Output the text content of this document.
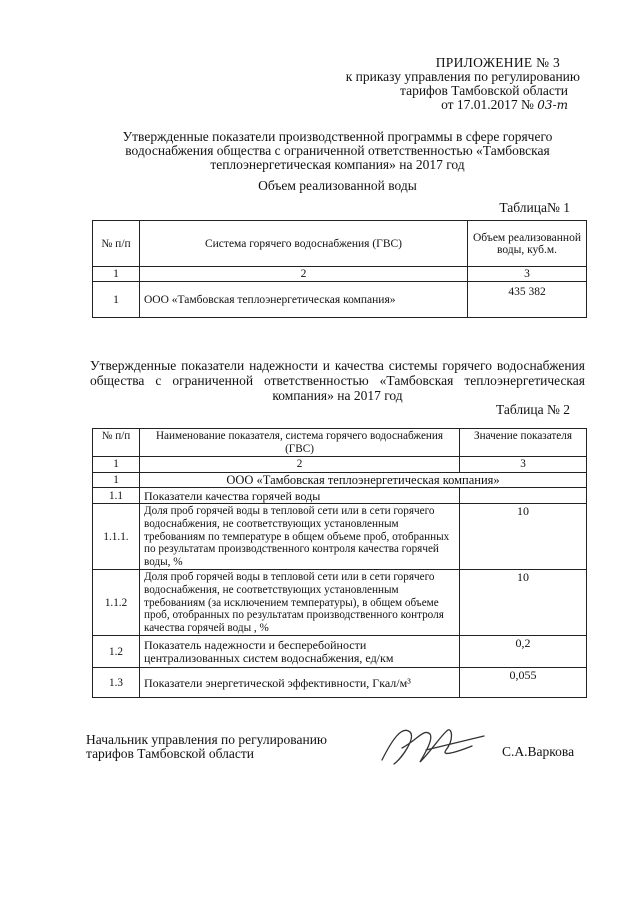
ПРИЛОЖЕНИЕ № 3
к приказу управления по регулированию
тарифов Тамбовской области
от 17.01.2017 № 03-т
Утвержденные показатели производственной программы в сфере горячего водоснабжения общества с ограниченной ответственностью «Тамбовская теплоэнергетическая компания» на 2017 год
Объем реализованной воды
Таблица№ 1
№ п/п	Система горячего водоснабжения (ГВС)	Объем реализованной воды, куб.м.
1	2	3
1	ООО «Тамбовская теплоэнергетическая компания»	435 382
Утвержденные показатели надежности и качества системы горячего водоснабжения общества с ограниченной ответственностью «Тамбовская теплоэнергетическая компания» на 2017 год
Таблица № 2
№ п/п	Наименование показателя, система горячего водоснабжения (ГВС)	Значение показателя
1	2	3
1	ООО «Тамбовская теплоэнергетическая компания»	
1.1	Показатели качества горячей воды	
1.1.1.	Доля проб горячей воды в тепловой сети или в сети горячего водоснабжения, не соответствующих установленным требованиям по температуре в общем объеме проб, отобранных по результатам производственного контроля качества горячей воды, %	10
1.1.2	Доля проб горячей воды в тепловой сети или в сети горячего водоснабжения, не соответствующих установленным требованиям (за исключением температуры), в общем объеме проб, отобранных по результатам производственного контроля качества горячей воды , %	10
1.2	Показатель надежности и бесперебойности централизованных систем водоснабжения, ед/км	0,2
1.3	Показатели энергетической эффективности, Гкал/м³	0,055
Начальник управления по регулированию
тарифов Тамбовской области	С.А.Варкова
